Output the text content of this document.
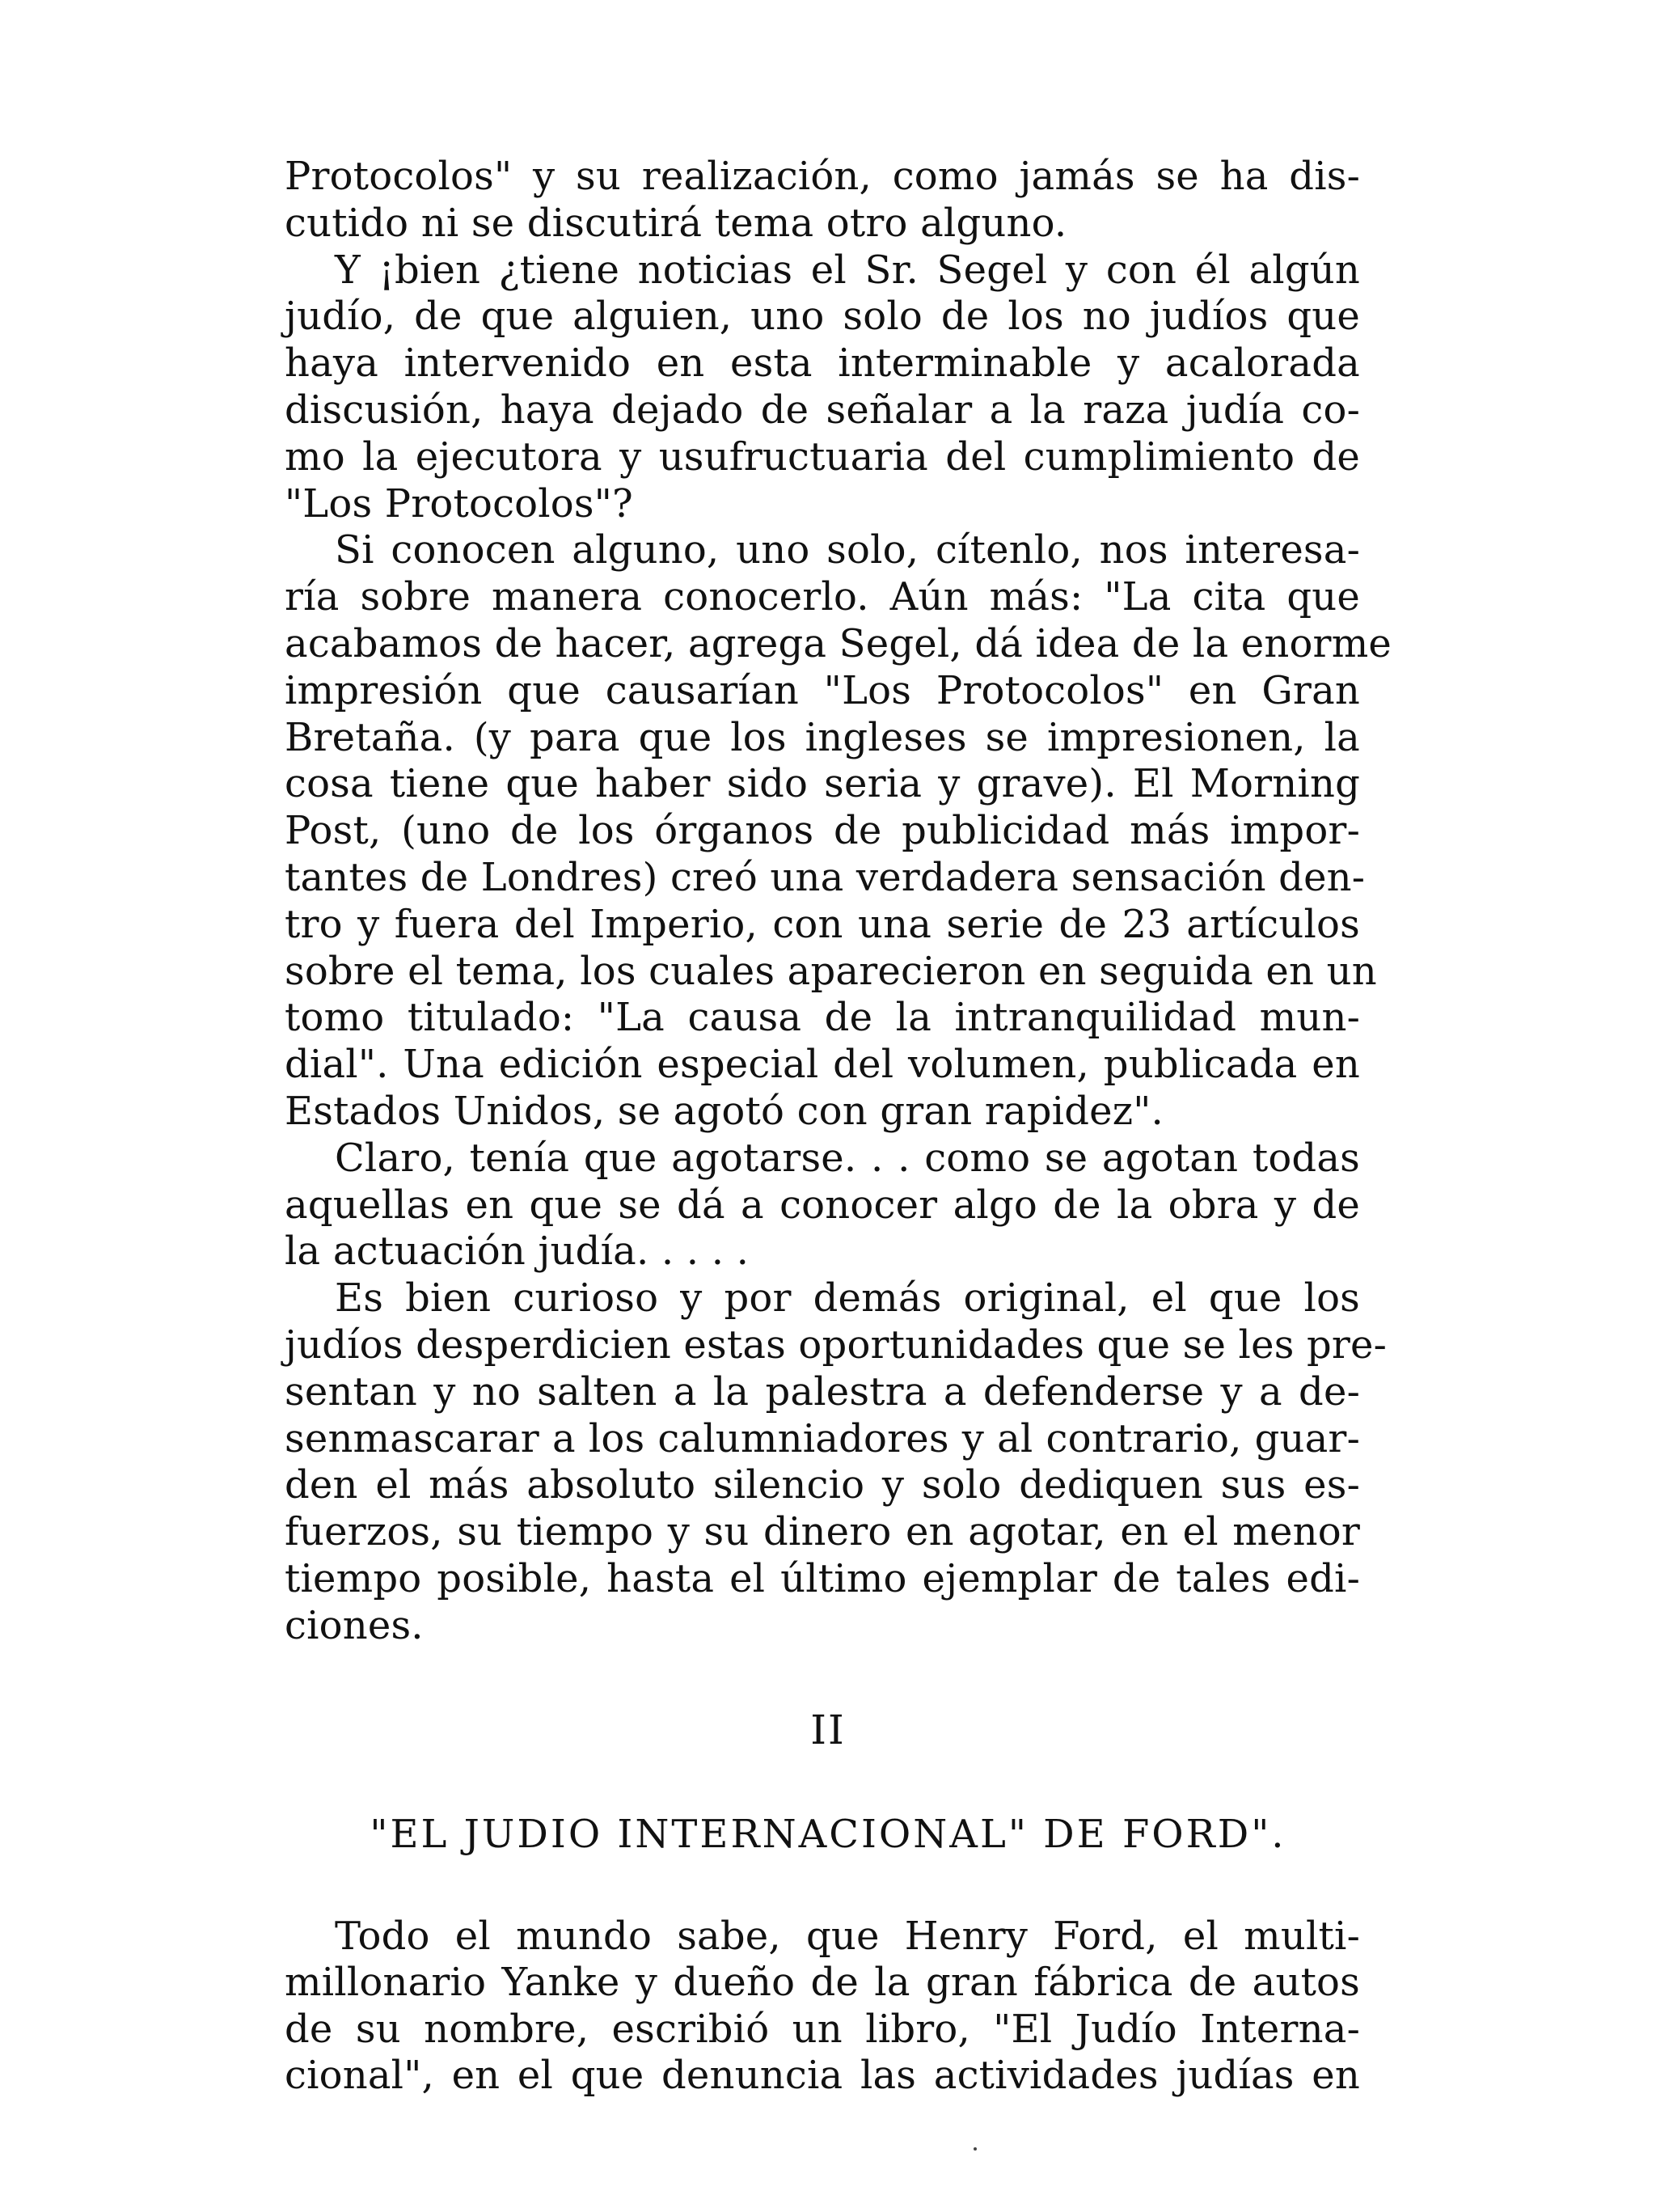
Protocolos" y su realización, como jamás se ha dis-
cutido ni se discutirá tema otro alguno.
Y ¡bien ¿tiene noticias el Sr. Segel y con él algún
judío, de que alguien, uno solo de los no judíos que
haya intervenido en esta interminable y acalorada
discusión, haya dejado de señalar a la raza judía co-
mo la ejecutora y usufructuaria del cumplimiento de
"Los Protocolos"?
Si conocen alguno, uno solo, cítenlo, nos interesa-
ría sobre manera conocerlo. Aún más: "La cita que
acabamos de hacer, agrega Segel, dá idea de la enorme
impresión que causarían "Los Protocolos" en Gran
Bretaña. (y para que los ingleses se impresionen, la
cosa tiene que haber sido seria y grave). El Morning
Post, (uno de los órganos de publicidad más impor-
tantes de Londres) creó una verdadera sensación den-
tro y fuera del Imperio, con una serie de 23 artículos
sobre el tema, los cuales aparecieron en seguida en un
tomo titulado: "La causa de la intranquilidad mun-
dial". Una edición especial del volumen, publicada en
Estados Unidos, se agotó con gran rapidez".
Claro, tenía que agotarse. . . como se agotan todas
aquellas en que se dá a conocer algo de la obra y de
la actuación judía. . . . .
Es bien curioso y por demás original, el que los
judíos desperdicien estas oportunidades que se les pre-
sentan y no salten a la palestra a defenderse y a de-
senmascarar a los calumniadores y al contrario, guar-
den el más absoluto silencio y solo dediquen sus es-
fuerzos, su tiempo y su dinero en agotar, en el menor
tiempo posible, hasta el último ejemplar de tales edi-
ciones.
II
"EL JUDIO INTERNACIONAL" DE FORD".
Todo el mundo sabe, que Henry Ford, el multi-
millonario Yanke y dueño de la gran fábrica de autos
de su nombre, escribió un libro, "El Judío Interna-
cional", en el que denuncia las actividades judías en
